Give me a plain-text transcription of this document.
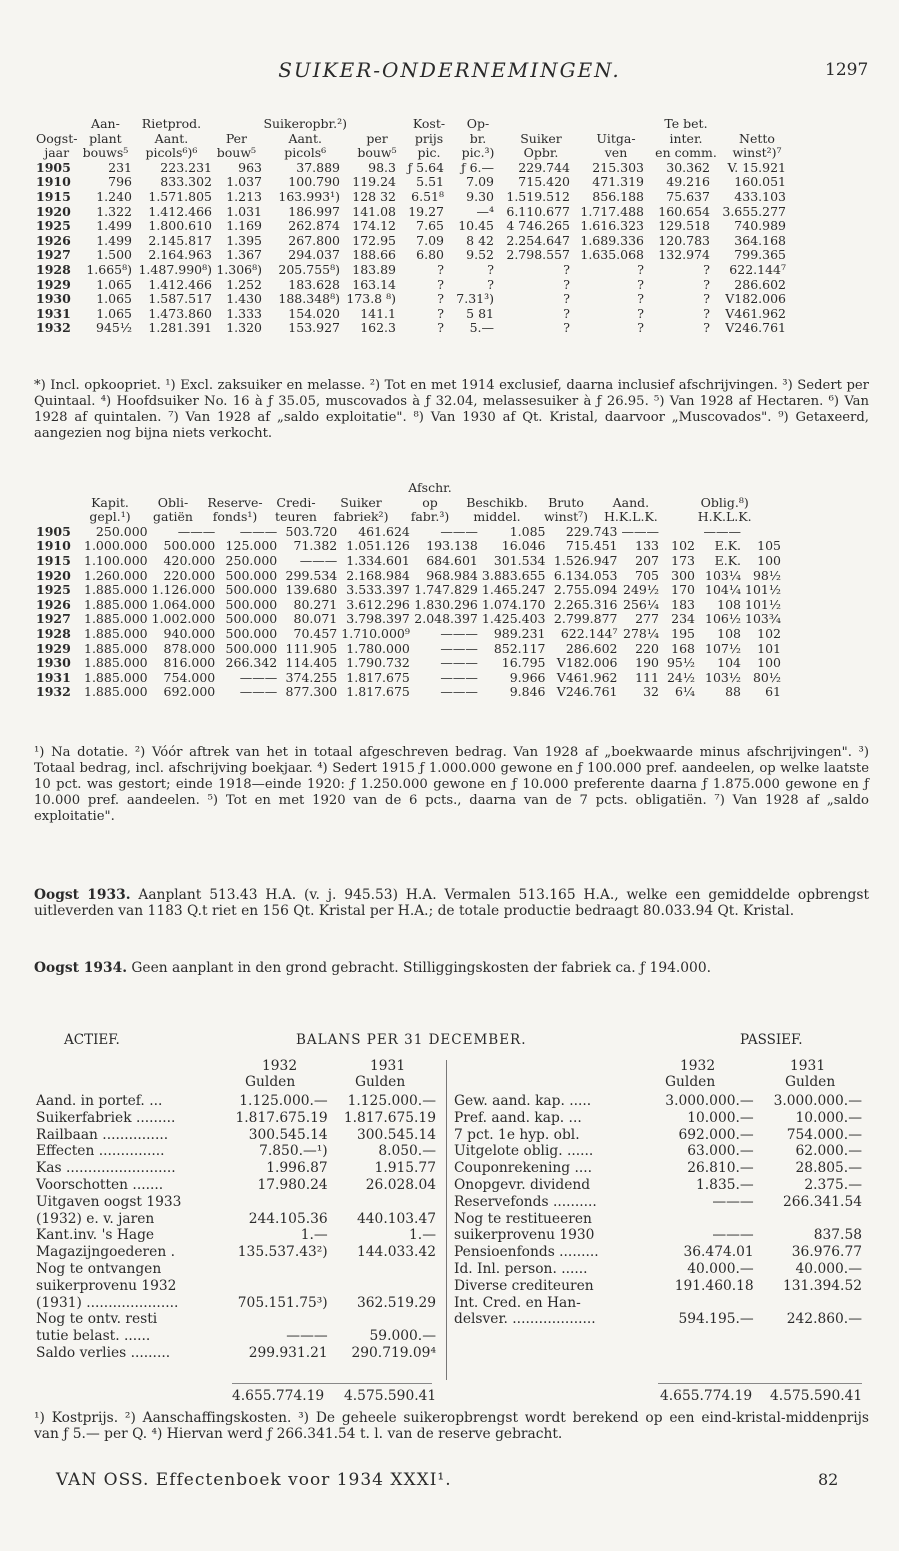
SUIKER-ONDERNEMINGEN.	1297
	Aan-	Rietprod.		Suikeropbr.²)		Kost-	Op-			Te bet.	
Oogst-	plant	Aant.	Per	Aant.	per	prijs	br.	Suiker	Uitga-	inter.	Netto
jaar	bouws⁵	picols⁶)⁶	bouw⁵	picols⁶	bouw⁵	pic.	pic.³)	Opbr.	ven	en comm.	winst²)⁷
1905	231	223.231	963	37.889	98.3	ƒ 5.64	ƒ 6.—	229.744	215.303	30.362	V. 15.921
1910	796	833.302	1.037	100.790	119.24	5.51	7.09	715.420	471.319	49.216	160.051
1915	1.240	1.571.805	1.213	163.993¹)	128 32	6.51⁸	9.30	1.519.512	856.188	75.637	433.103
1920	1.322	1.412.466	1.031	186.997	141.08	19.27	—⁴	6.110.677	1.717.488	160.654	3.655.277
1925	1.499	1.800.610	1.169	262.874	174.12	7.65	10.45	4 746.265	1.616.323	129.518	740.989
1926	1.499	2.145.817	1.395	267.800	172.95	7.09	8 42	2.254.647	1.689.336	120.783	364.168
1927	1.500	2.164.963	1.367	294.037	188.66	6.80	9.52	2.798.557	1.635.068	132.974	799.365
1928	1.665⁸)	1.487.990⁸)	1.306⁸)	205.755⁸)	183.89	?	?	?	?	?	622.144⁷
1929	1.065	1.412.466	1.252	183.628	163.14	?	?	?	?	?	286.602
1930	1.065	1.587.517	1.430	188.348⁸)	173.8 ⁸)	?	7.31³)	?	?	?	V182.006
1931	1.065	1.473.860	1.333	154.020	141.1	?	5 81	?	?	?	V461.962
1932	945½	1.281.391	1.320	153.927	162.3	?	5.—	?	?	?	V246.761
*) Incl. opkoopriet. ¹) Excl. zaksuiker en melasse. ²) Tot en met 1914 exclusief, daarna inclusief afschrijvingen. ³) Sedert per Quintaal. ⁴) Hoofdsuiker No. 16 à ƒ 35.05, muscovados à ƒ 32.04, melassesuiker à ƒ 26.95. ⁵) Van 1928 af Hectaren. ⁶) Van 1928 af quintalen. ⁷) Van 1928 af „saldo exploitatie". ⁸) Van 1930 af Qt. Kristal, daarvoor „Muscovados". ⁹) Getaxeerd, aangezien nog bijna niets verkocht.
						Afschr.						
	Kapit.	Obli-	Reserve-	Credi-	Suiker	op	Beschikb.	Bruto	Aand.		Oblig.⁸)	
	gepl.¹)	gatiën	fonds¹)	teuren	fabriek²)	fabr.³)	middel.	winst⁷)	H.K.L.K.		H.K.L.K.	
1905	250.000	———	———	503.720	461.624	———	1.085	229.743	———		———	
1910	1.000.000	500.000	125.000	71.382	1.051.126	193.138	16.046	715.451	133	102	E.K.	105
1915	1.100.000	420.000	250.000	———	1.334.601	684.601	301.534	1.526.947	207	173	E.K.	100
1920	1.260.000	220.000	500.000	299.534	2.168.984	968.984	3.883.655	6.134.053	705	300	103¼	98½
1925	1.885.000	1.126.000	500.000	139.680	3.533.397	1.747.829	1.465.247	2.755.094	249½	170	104¼	101½
1926	1.885.000	1.064.000	500.000	80.271	3.612.296	1.830.296	1.074.170	2.265.316	256¼	183	108	101½
1927	1.885.000	1.002.000	500.000	80.071	3.798.397	2.048.397	1.425.403	2.799.877	277	234	106½	103¾
1928	1.885.000	940.000	500.000	70.457	1.710.000⁹	———	989.231	622.144⁷	278¼	195	108	102
1929	1.885.000	878.000	500.000	111.905	1.780.000	———	852.117	286.602	220	168	107½	101
1930	1.885.000	816.000	266.342	114.405	1.790.732	———	16.795	V182.006	190	95½	104	100
1931	1.885.000	754.000	———	374.255	1.817.675	———	9.966	V461.962	111	24½	103½	80½
1932	1.885.000	692.000	———	877.300	1.817.675	———	9.846	V246.761	32	6¼	88	61
¹) Na dotatie. ²) Vóór aftrek van het in totaal afgeschreven bedrag. Van 1928 af „boekwaarde minus afschrijvingen". ³) Totaal bedrag, incl. afschrijving boekjaar. ⁴) Sedert 1915 ƒ 1.000.000 gewone en ƒ 100.000 pref. aandeelen, op welke laatste 10 pct. was gestort; einde 1918—einde 1920: ƒ 1.250.000 gewone en ƒ 10.000 preferente daarna ƒ 1.875.000 gewone en ƒ 10.000 pref. aandeelen. ⁵) Tot en met 1920 van de 6 pcts., daarna van de 7 pcts. obligatiën. ⁷) Van 1928 af „saldo exploitatie".
Oogst 1933. Aanplant 513.43 H.A. (v. j. 945.53) H.A. Vermalen 513.165 H.A., welke een gemiddelde opbrengst uitleverden van 1183 Q.t riet en 156 Qt. Kristal per H.A.; de totale productie bedraagt 80.033.94 Qt. Kristal.
Oogst 1934. Geen aanplant in den grond gebracht. Stilliggingskosten der fabriek ca. ƒ 194.000.
ACTIEF.	BALANS PER 31 DECEMBER.	PASSIEF.
1932	1931
Gulden	Gulden
1932	1931
Gulden	Gulden
Aand. in portef. ...	1.125.000.—	1.125.000.—
Suikerfabriek .........	1.817.675.19	1.817.675.19
Railbaan ...............	300.545.14	300.545.14
Effecten ...............	7.850.—¹)	8.050.—
Kas .........................	1.996.87	1.915.77
Voorschotten .......	17.980.24	26.028.04
Uitgaven oogst 1933		
(1932) e. v. jaren	244.105.36	440.103.47
Kant.inv. 's Hage	1.—	1.—
Magazijngoederen .	135.537.43²)	144.033.42
Nog te ontvangen		
suikerprovenu 1932		
(1931) .....................	705.151.75³)	362.519.29
Nog te ontv. resti		
tutie belast. ......	———	59.000.—
Saldo verlies .........	299.931.21	290.719.09⁴
Gew. aand. kap. .....	3.000.000.—	3.000.000.—
Pref. aand. kap. ...	10.000.—	10.000.—
7 pct. 1e hyp. obl.	692.000.—	754.000.—
Uitgelote oblig. ......	63.000.—	62.000.—
Couponrekening ....	26.810.—	28.805.—
Onopgevr. dividend	1.835.—	2.375.—
Reservefonds ..........	———	266.341.54
Nog te restitueeren		
suikerprovenu 1930	———	837.58
Pensioenfonds .........	36.474.01	36.976.77
Id. Inl. person. ......	40.000.—	40.000.—
Diverse crediteuren	191.460.18	131.394.52
Int. Cred. en Han-		
delsver. ...................	594.195.—	242.860.—
4.655.774.19 4.575.590.41	4.655.774.19 4.575.590.41
¹) Kostprijs. ²) Aanschaffingskosten. ³) De geheele suikeropbrengst wordt berekend op een eind-kristal-middenprijs van ƒ 5.— per Q. ⁴) Hiervan werd ƒ 266.341.54 t. l. van de reserve gebracht.
VAN OSS. Effectenboek voor 1934 XXXI¹.	82
